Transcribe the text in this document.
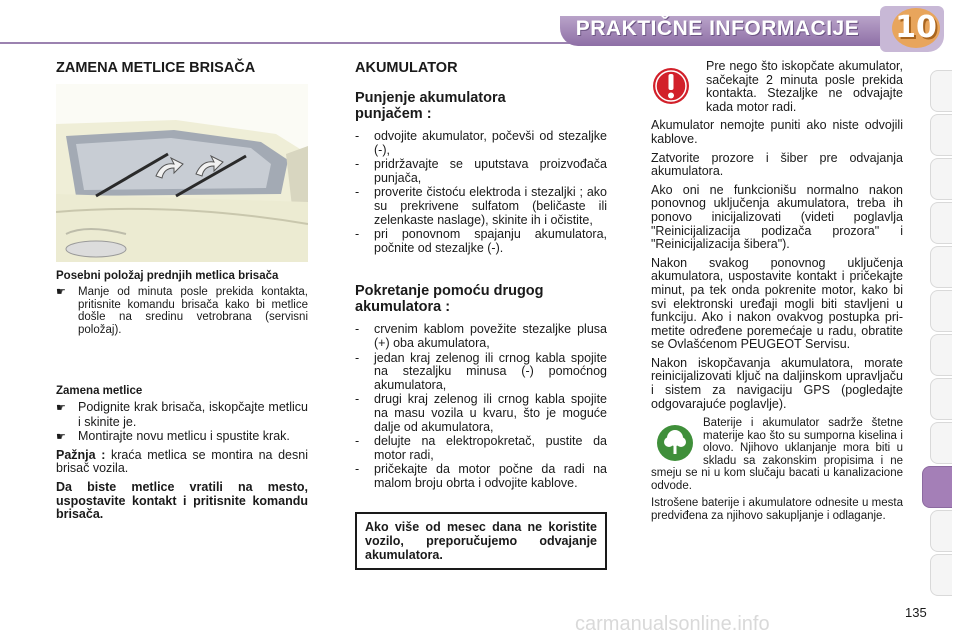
PRAKTIČNE INFORMACIJE	10
ZAMENA METLICE BRISAČA
Posebni položaj prednjih metlica brisača
☛ Manje od minuta posle prekida kontakta, pritisnite komandu brisača kako bi metlice došle na sredinu vetrobrana (servisni položaj).
Zamena metlice
☛ Podignite krak brisača, iskopčajte metlicu i skinite je.
☛ Montirajte novu metlicu i spustite krak.

Pažnja : kraća metlica se montira na desni brisač vozila.

Da biste metlice vratili na mesto, uspostavite kontakt i pritisnite komandu brisača.

AKUMULATOR
Punjenje akumulatora punjačem :
- odvojite akumulator, počevši od stezaljke (-),
- pridržavajte se uputstava proizvođača punjača,
- proverite čistoću elektroda i stezaljki ; ako su prekrivene sulfatom (beličaste ili zelenkaste naslage), skinite ih i očistite,
- pri ponovnom spajanju akumulatora, počnite od stezaljke (-).
Pokretanje pomoću drugog akumulatora :
- crvenim kablom povežite stezaljke plusa (+) oba akumulatora,
- jedan kraj zelenog ili crnog kabla spojite na stezaljku minusa (-) pomoćnog akumulatora,
- drugi kraj zelenog ili crnog kabla spojite na masu vozila u kvaru, što je moguće dalje od akumulatora,
- delujte na elektropokretač, pustite da motor radi,
- pričekajte da motor počne da radi na malom broju obrta i odvojite kablove.
Ako više od mesec dana ne koristite vozilo, preporučujemo odvajanje akumulatora.

Pre nego što iskopčate akumulator, sačekajte 2 minuta posle prekida kontakta. Stezaljke ne odvajajte kada motor radi.

Akumulator nemojte puniti ako niste odvojili kablove.

Zatvorite prozore i šiber pre odvajanja akumulatora.

Ako oni ne funkcionišu normalno nakon ponovnog uključenja akumulatora, treba ih ponovo inicijalizovati (videti poglavlja "Reinicijalizacija podizača prozora" i "Reinicijalizacija šibera").

Nakon svakog ponovnog uključenja akumulatora, uspostavite kontakt i pričekajte minut, pa tek onda pokrenite motor, kako bi svi elektronski uređaji mogli biti stavljeni u funkciju. Ako i nakon ovakvog postupka primetite određene poremećaje u radu, obratite se Ovlašćenom PEUGEOT Servisu.

Nakon iskopčavanja akumulatora, morate reinicijalizovati ključ na daljinskom upravljaču i sistem za navigaciju GPS (pogledajte odgovarajuće poglavlje).

Baterije i akumulator sadrže štetne materije kao što su sumporna kiselina i olovo. Njihovo uklanjanje mora biti u skladu sa zakonskim propisima i ne smeju se ni u kom slučaju bacati u kanalizacione odvode.

Istrošene baterije i akumulatore odnesite u mesta predviđena za njihovo sakupljanje i odlaganje.

135
carmanualsonline.info
